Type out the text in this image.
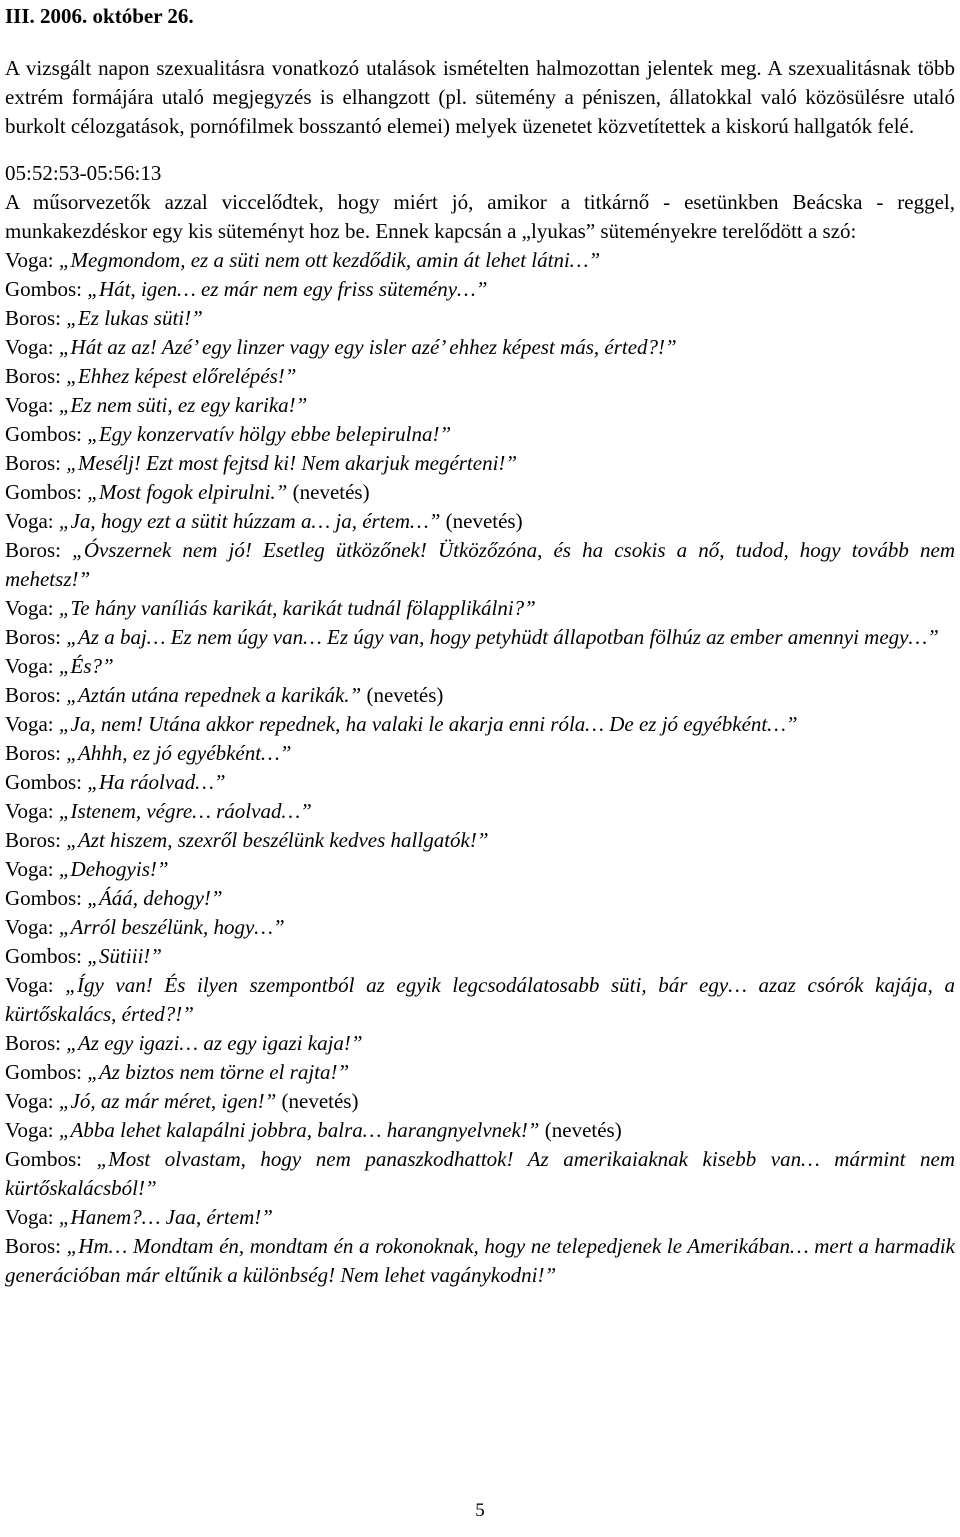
III. 2006. október 26.

A vizsgált napon szexualitásra vonatkozó utalások ismételten halmozottan jelentek meg. A szexualitásnak több extrém formájára utaló megjegyzés is elhangzott (pl. sütemény a péniszen, állatokkal való közösülésre utaló burkolt célozgatások, pornófilmek bosszantó elemei) melyek üzenetet közvetítettek a kiskorú hallgatók felé.

05:52:53-05:56:13

A műsorvezetők azzal viccelődtek, hogy miért jó, amikor a titkárnő - esetünkben Beácska - reggel, munkakezdéskor egy kis süteményt hoz be. Ennek kapcsán a „lyukas” süteményekre terelődött a szó:

Voga: „Megmondom, ez a süti nem ott kezdődik, amin át lehet látni…”

Gombos: „Hát, igen… ez már nem egy friss sütemény…”

Boros: „Ez lukas süti!”

Voga: „Hát az az! Azé’ egy linzer vagy egy isler azé’ ehhez képest más, érted?!”

Boros: „Ehhez képest előrelépés!”

Voga: „Ez nem süti, ez egy karika!”

Gombos: „Egy konzervatív hölgy ebbe belepirulna!”

Boros: „Mesélj! Ezt most fejtsd ki! Nem akarjuk megérteni!”

Gombos: „Most fogok elpirulni.” (nevetés)

Voga: „Ja, hogy ezt a sütit húzzam a… ja, értem…” (nevetés)

Boros: „Óvszernek nem jó! Esetleg ütközőnek! Ütközőzóna, és ha csokis a nő, tudod, hogy tovább nem mehetsz!”

Voga: „Te hány vaníliás karikát, karikát tudnál fölapplikálni?”

Boros: „Az a baj… Ez nem úgy van… Ez úgy van, hogy petyhüdt állapotban fölhúz az ember amennyi megy…”

Voga: „És?”

Boros: „Aztán utána repednek a karikák.” (nevetés)

Voga: „Ja, nem! Utána akkor repednek, ha valaki le akarja enni róla… De ez jó egyébként…”

Boros: „Ahhh, ez jó egyébként…”

Gombos: „Ha ráolvad…”

Voga: „Istenem, végre… ráolvad…”

Boros: „Azt hiszem, szexről beszélünk kedves hallgatók!”

Voga: „Dehogyis!”

Gombos: „Ááá, dehogy!”

Voga: „Arról beszélünk, hogy…”

Gombos: „Sütiii!”

Voga: „Így van! És ilyen szempontból az egyik legcsodálatosabb süti, bár egy… azaz csórók kajája, a kürtőskalács, érted?!”

Boros: „Az egy igazi… az egy igazi kaja!”

Gombos: „Az biztos nem törne el rajta!”

Voga: „Jó, az már méret, igen!” (nevetés)

Voga: „Abba lehet kalapálni jobbra, balra… harangnyelvnek!” (nevetés)

Gombos: „Most olvastam, hogy nem panaszkodhattok! Az amerikaiaknak kisebb van… mármint nem kürtőskalácsból!”

Voga: „Hanem?… Jaa, értem!”

Boros: „Hm… Mondtam én, mondtam én a rokonoknak, hogy ne telepedjenek le Amerikában… mert a harmadik generációban már eltűnik a különbség! Nem lehet vagánykodni!”

5
